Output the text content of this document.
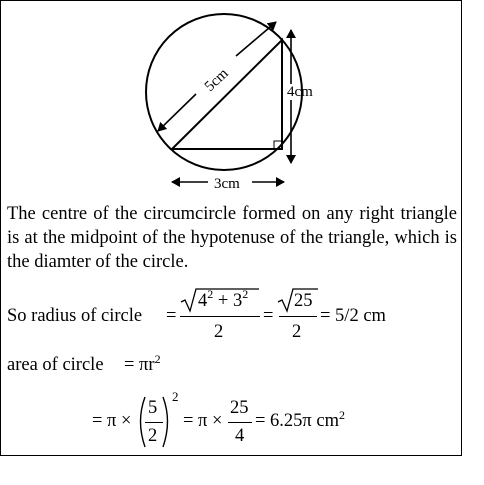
5cm	4cm
3cm
The centre of the circumcircle formed on any right triangle is at the midpoint of the hypotenuse of the triangle, which is the diamter of the circle.
So radius of circle =
$4^2 + 3^2$
2
=
25
2
= 5/2 cm
area of circle = $\pi r^2$
= π ×
5
2
2
= π ×
25
4
= 6.25π $cm^2$
